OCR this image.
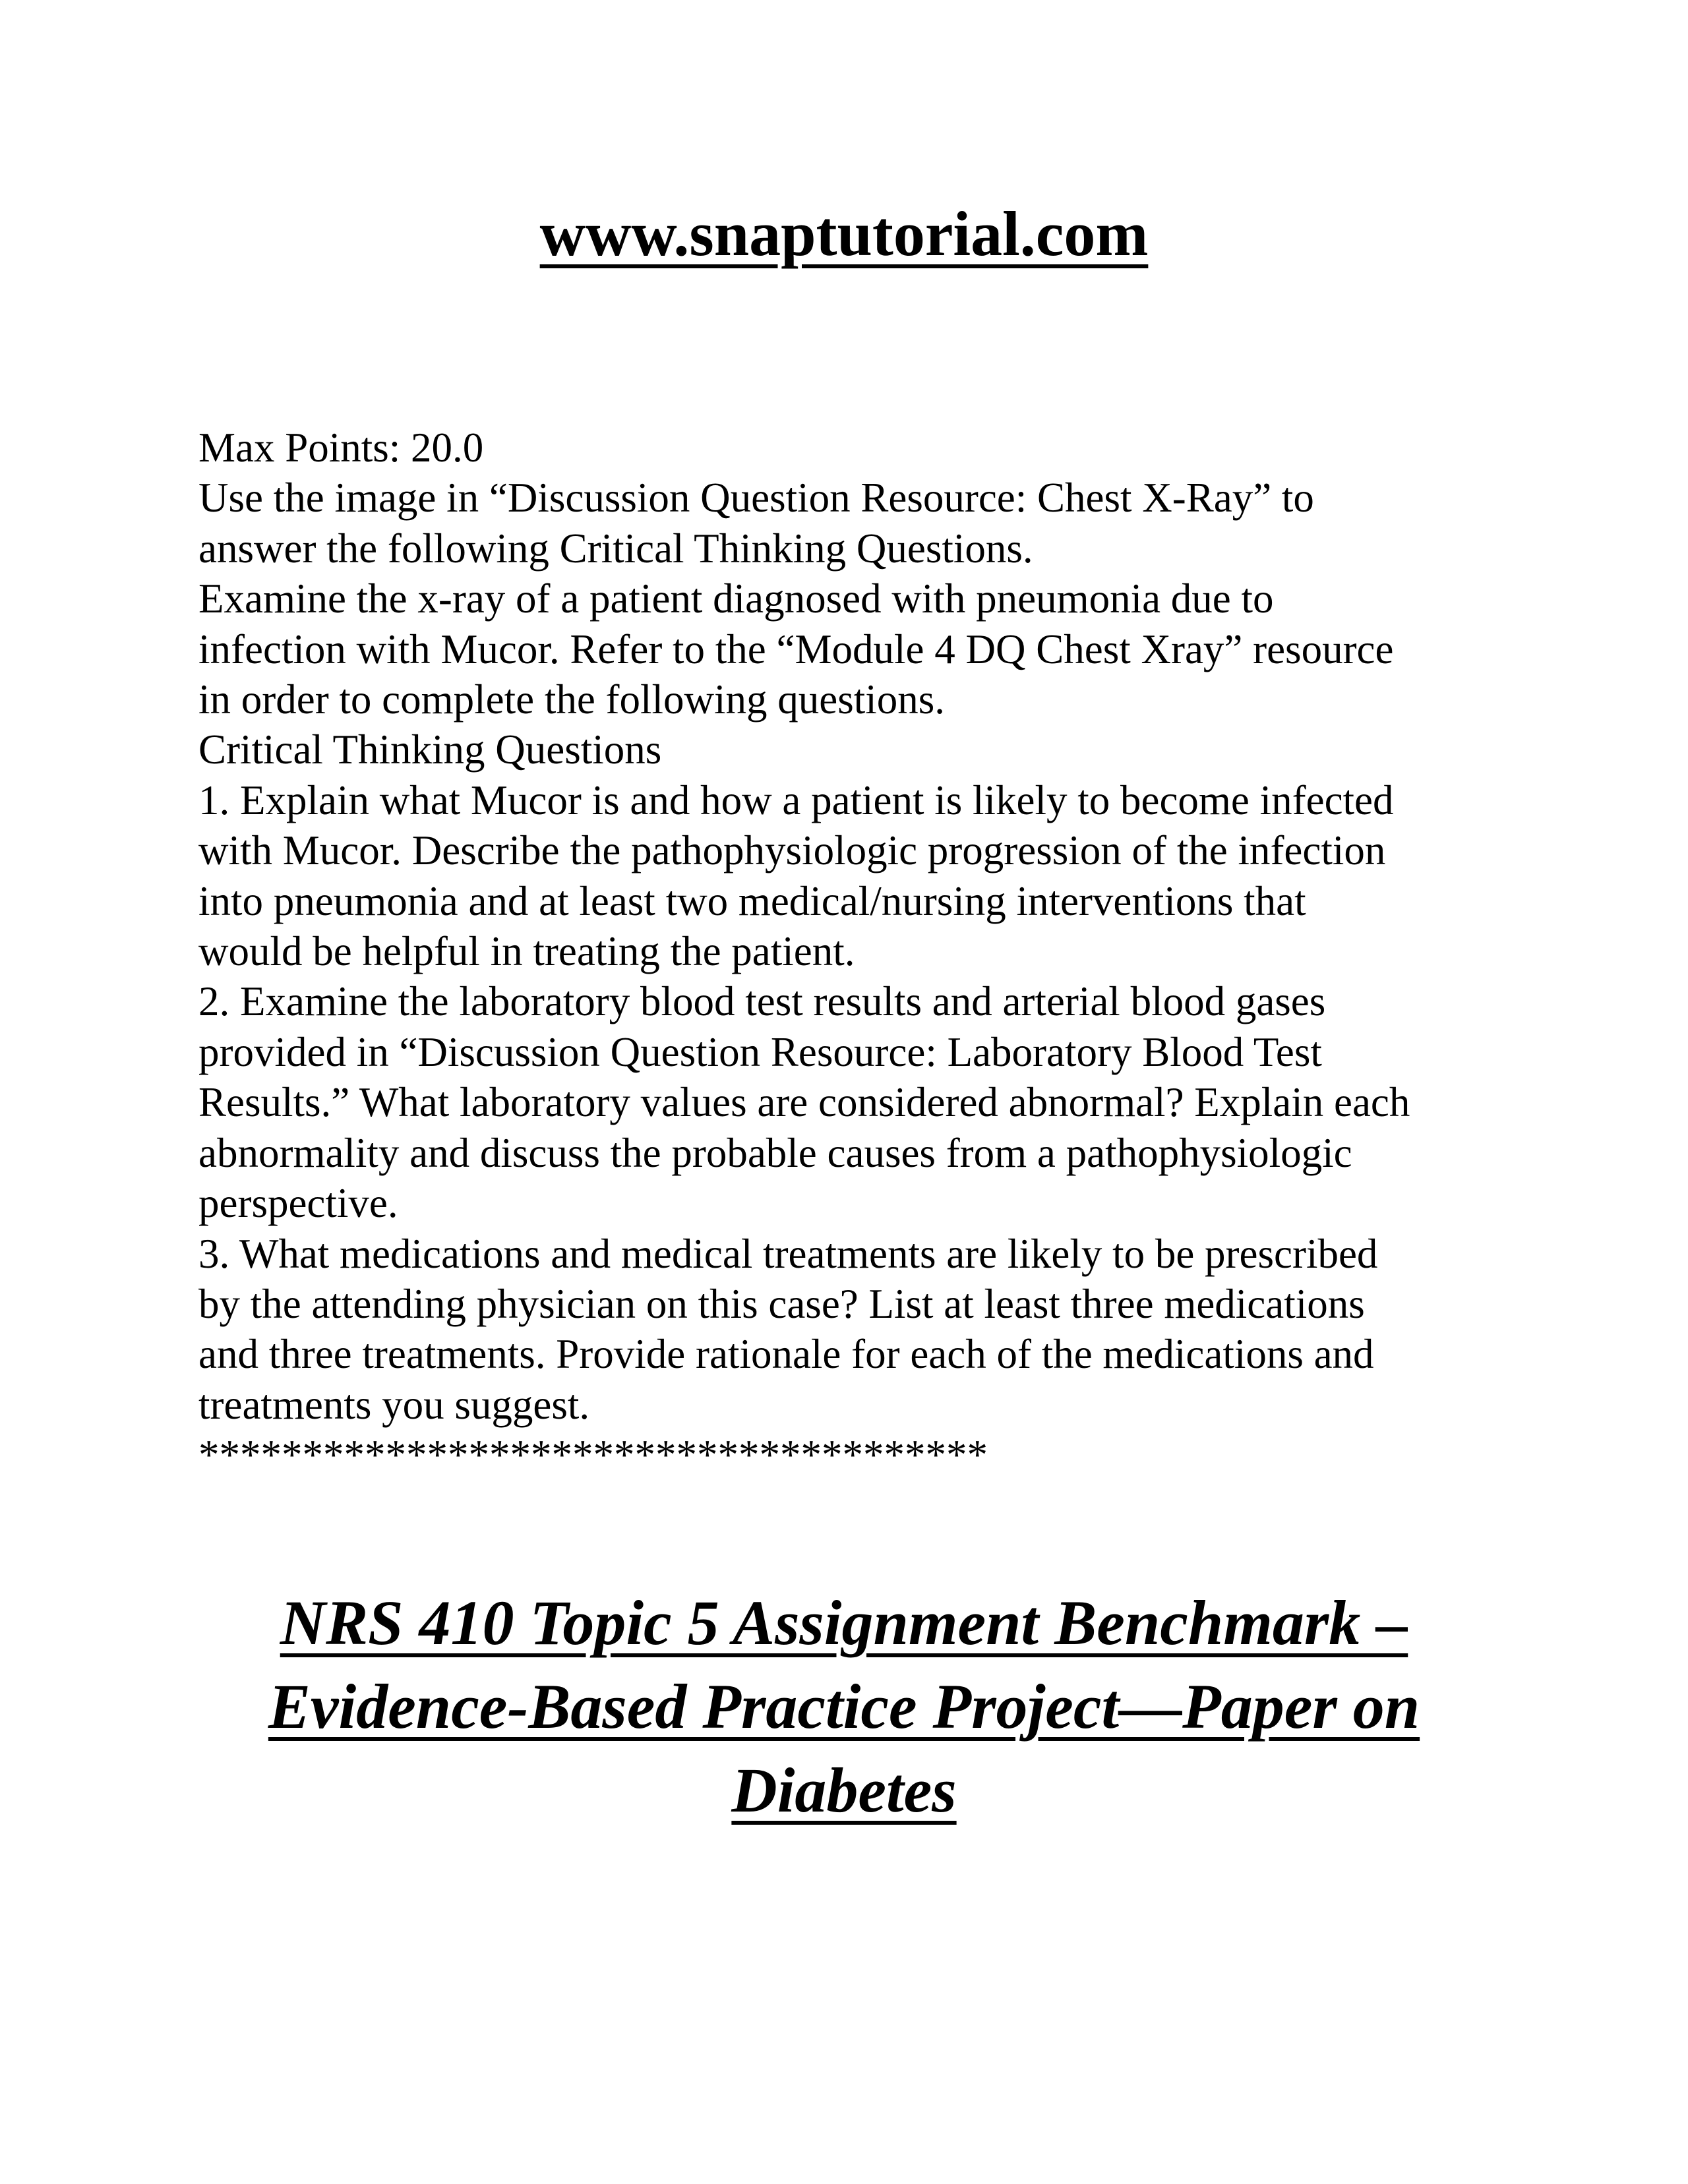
www.snaptutorial.com
Max Points: 20.0
Use the image in “Discussion Question Resource: Chest X-Ray” to
answer the following Critical Thinking Questions.
Examine the x-ray of a patient diagnosed with pneumonia due to
infection with Mucor. Refer to the “Module 4 DQ Chest Xray” resource
in order to complete the following questions.
Critical Thinking Questions
1. Explain what Mucor is and how a patient is likely to become infected
with Mucor. Describe the pathophysiologic progression of the infection
into pneumonia and at least two medical/nursing interventions that
would be helpful in treating the patient.
2. Examine the laboratory blood test results and arterial blood gases
provided in “Discussion Question Resource: Laboratory Blood Test
Results.” What laboratory values are considered abnormal? Explain each
abnormality and discuss the probable causes from a pathophysiologic
perspective.
3. What medications and medical treatments are likely to be prescribed
by the attending physician on this case? List at least three medications
and three treatments. Provide rationale for each of the medications and
treatments you suggest.
**************************************
NRS 410 Topic 5 Assignment Benchmark –
Evidence-Based Practice Project—Paper on
Diabetes
